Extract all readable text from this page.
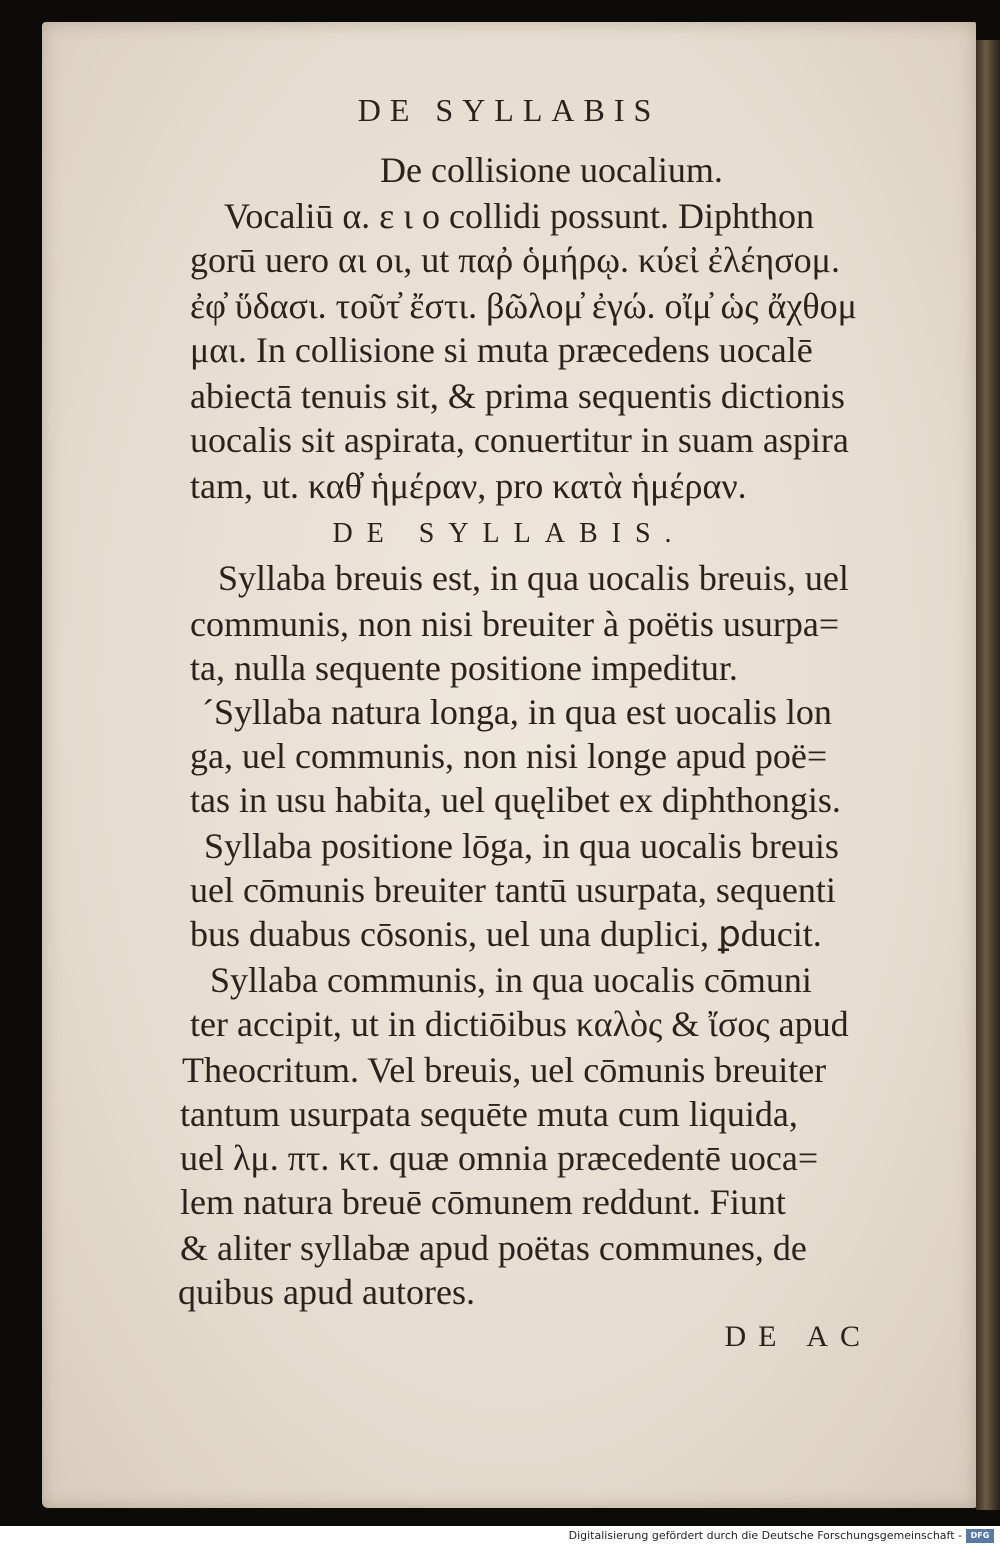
DE SYLLABIS
De collisione uocalium.
Vocaliū α. ε ι ο collidi possunt. Diphthon
gorū uero αι οι, ut παῤ ὁμήρῳ. κύεἰ ἐλέησομ.
ἐφ̓ ὕδασι. τοῦτ̓ ἔστι. βῶλομ̓ ἐγώ. οἴμ̓ ὡς ἄχθομ
μαι. In collisione si muta præcedens uocalē
abiectā tenuis sit, & prima sequentis dictionis
uocalis sit aspirata, conuertitur in suam aspira
tam, ut. καθ̓ ἡμέραν, pro κατὰ ἡμέραν.
DE SYLLABIS.
Syllaba breuis est, in qua uocalis breuis, uel
communis, non nisi breuiter à poëtis usurpa=
ta, nulla sequente positione impeditur.
´Syllaba natura longa, in qua est uocalis lon
ga, uel communis, non nisi longe apud poë=
tas in usu habita, uel quęlibet ex diphthongis.
Syllaba positione lōga, in qua uocalis breuis
uel cōmunis breuiter tantū usurpata, sequenti
bus duabus cōsonis, uel una duplici, ꝑducit.
Syllaba communis, in qua uocalis cōmuni
ter accipit, ut in dictiōibus καλὸς & ἴσος apud
Theocritum. Vel breuis, uel cōmunis breuiter
tantum usurpata sequēte muta cum liquida,
uel λμ. πτ. κτ. quæ omnia præcedentē uoca=
lem natura breuē cōmunem reddunt. Fiunt
& aliter syllabæ apud poëtas communes, de
quibus apud autores.
DE AC
Digitalisierung gefördert durch die Deutsche Forschungsgemeinschaft -	DFG
